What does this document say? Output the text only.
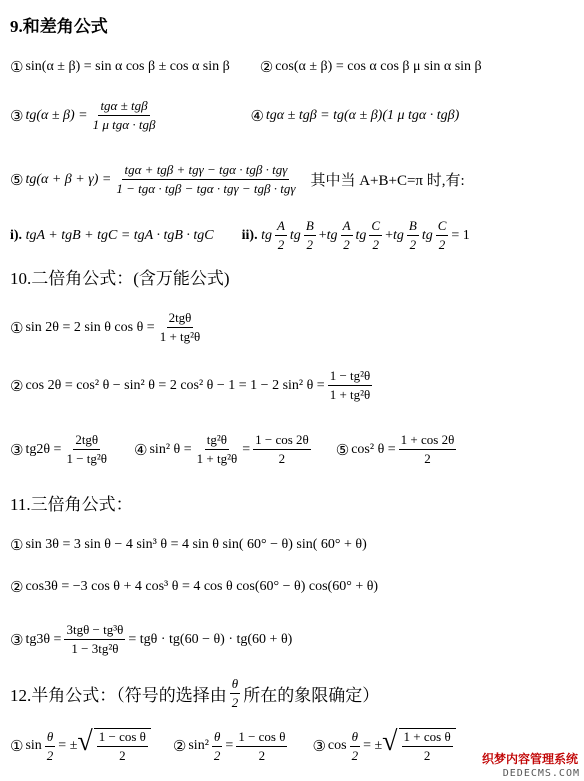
9.和差角公式
① sin(α ± β) =
sin α cos β ± cos α sin β ② cos(α ± β) =
cos α cos β μ sin α sin β
③ $tg(\alpha \pm \beta) = \frac{\text{tgα ± tgβ}}{\text{1 μ tgα · tgβ}}$	④ tgα ± tgβ = tg(α ± β)(1 μ tgα · tgβ)
⑤ $tg(\alpha + \beta + \gamma) = \frac{\text{tgα + tgβ + tgγ − tgα · tgβ · tgγ}}{\text{1 − tgα · tgβ − tgα · tgγ − tgβ · tgγ}}$ 其中当 A+B+C=π 时,有:
i).
tgA + tgB + tgC = tgA · tgB · tgC ii).
tg $\frac{A}{2}$ tg $\frac{B}{2}$ + tg $\frac{A}{2}$ tg $\frac{C}{2}$ + tg $\frac{B}{2}$ tg $\frac{C}{2} = 1$
10.二倍角公式：(含万能公式)
① sin 2θ = 2 sin θ $\cos \theta = \frac{\text{2tgθ}}{\text{1 + tg²θ}}$
② cos 2θ = cos² θ − sin² θ = 2 cos² θ − 1 = 1 − 2 sin² $\theta = \frac{\text{1 − tg²θ}}{\text{1 + tg²θ}}$
③ $tg2\theta = \frac{\text{2tgθ}}{\text{1 − tg²θ}}$ ④ sin² $\theta = \frac{\text{tg²θ}}{\text{1 + tg²θ}} = \frac{1 - \cos 2\theta}{2}$ ⑤ cos² $\theta = \frac{1 + \cos 2\theta}{2}$
11.三倍角公式：
① sin 3θ = 3 sin θ − 4 sin³ θ = 4 sin θ sin( 60° − θ) sin( 60° + θ)
② cos3θ = −3 cos θ + 4 cos³ θ = 4 cos θ cos(60° − θ) cos(60° + θ)
③ $tg3\theta = \frac{\text{3tgθ − tg³θ}}{\text{1 − 3tg²θ}} = tg\theta \cdot tg(60 - \theta) \cdot tg(60 + \theta)$
12.半角公式：（符号的选择由 $\frac{\theta}{2}$ 所在的象限确定）
① $\sin \frac{\theta}{2}$ = ± √ $\frac{\text{1 − cos θ}}{2}$ ② $\sin^2 \frac{\theta}{2} = \frac{\text{1 − cos θ}}{2}$ ③ $\cos \frac{\theta}{2}$ = ± √ $\frac{\text{1 + cos θ}}{2}$ 织梦内容管理系统
DEDECMS.COM
